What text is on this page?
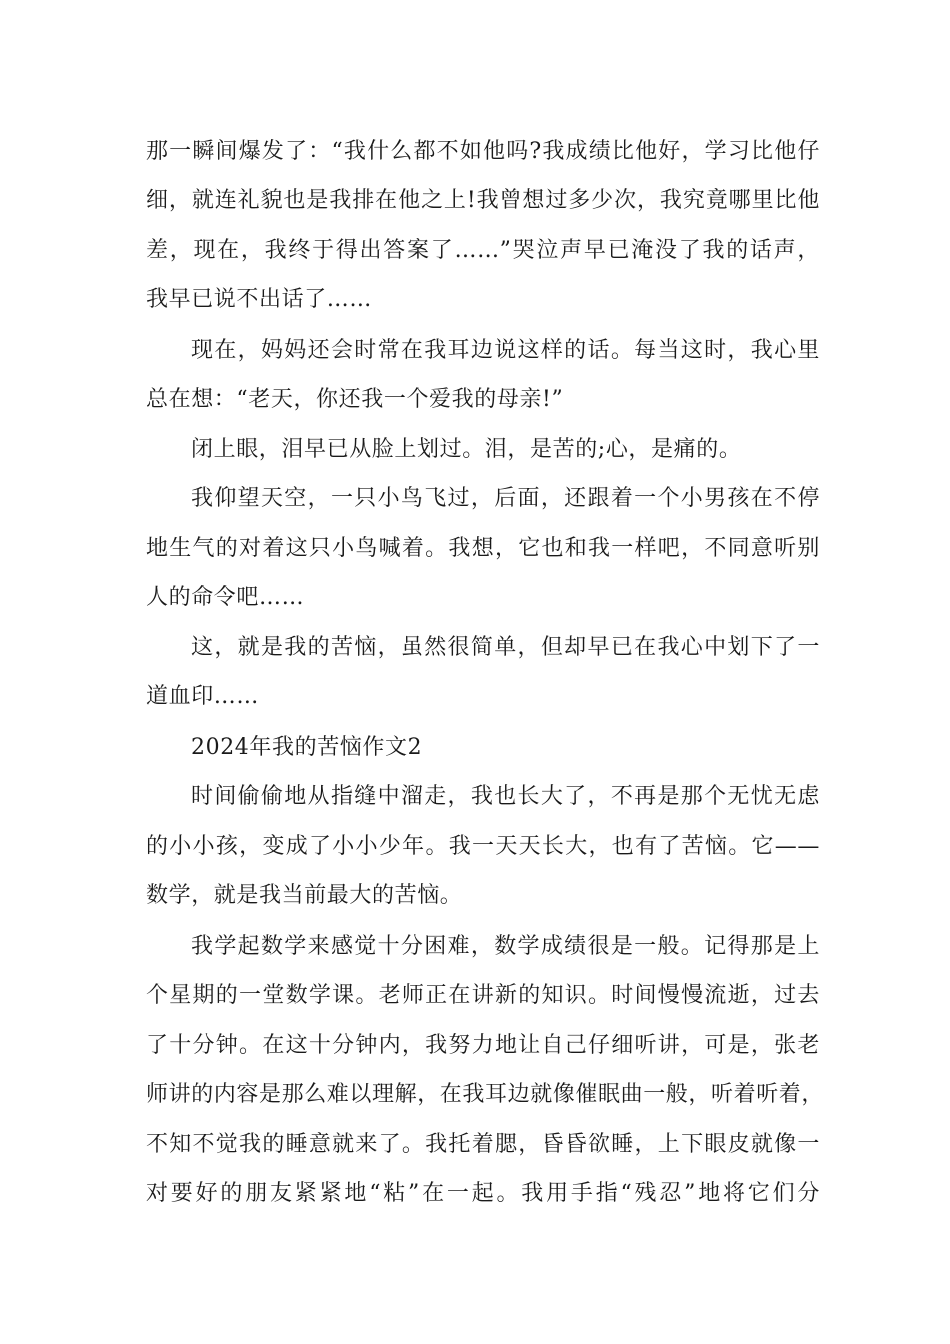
那一瞬间爆发了：“我什么都不如他吗?我成绩比他好，学习比他仔
细，就连礼貌也是我排在他之上!我曾想过多少次，我究竟哪里比他
差，现在，我终于得出答案了……”哭泣声早已淹没了我的话声，
我早已说不出话了……
现在，妈妈还会时常在我耳边说这样的话。每当这时，我心里
总在想：“老天，你还我一个爱我的母亲!”
闭上眼，泪早已从脸上划过。泪，是苦的;心，是痛的。
我仰望天空，一只小鸟飞过，后面，还跟着一个小男孩在不停
地生气的对着这只小鸟喊着。我想，它也和我一样吧，不同意听别
人的命令吧……
这，就是我的苦恼，虽然很简单，但却早已在我心中划下了一
道血印……
2024年我的苦恼作文2
时间偷偷地从指缝中溜走，我也长大了，不再是那个无忧无虑
的小小孩，变成了小小少年。我一天天长大，也有了苦恼。它——
数学，就是我当前最大的苦恼。
我学起数学来感觉十分困难，数学成绩很是一般。记得那是上
个星期的一堂数学课。老师正在讲新的知识。时间慢慢流逝，过去
了十分钟。在这十分钟内，我努力地让自己仔细听讲，可是，张老
师讲的内容是那么难以理解，在我耳边就像催眠曲一般，听着听着，
不知不觉我的睡意就来了。我托着腮，昏昏欲睡，上下眼皮就像一
对要好的朋友紧紧地“粘”在一起。我用手指“残忍”地将它们分
